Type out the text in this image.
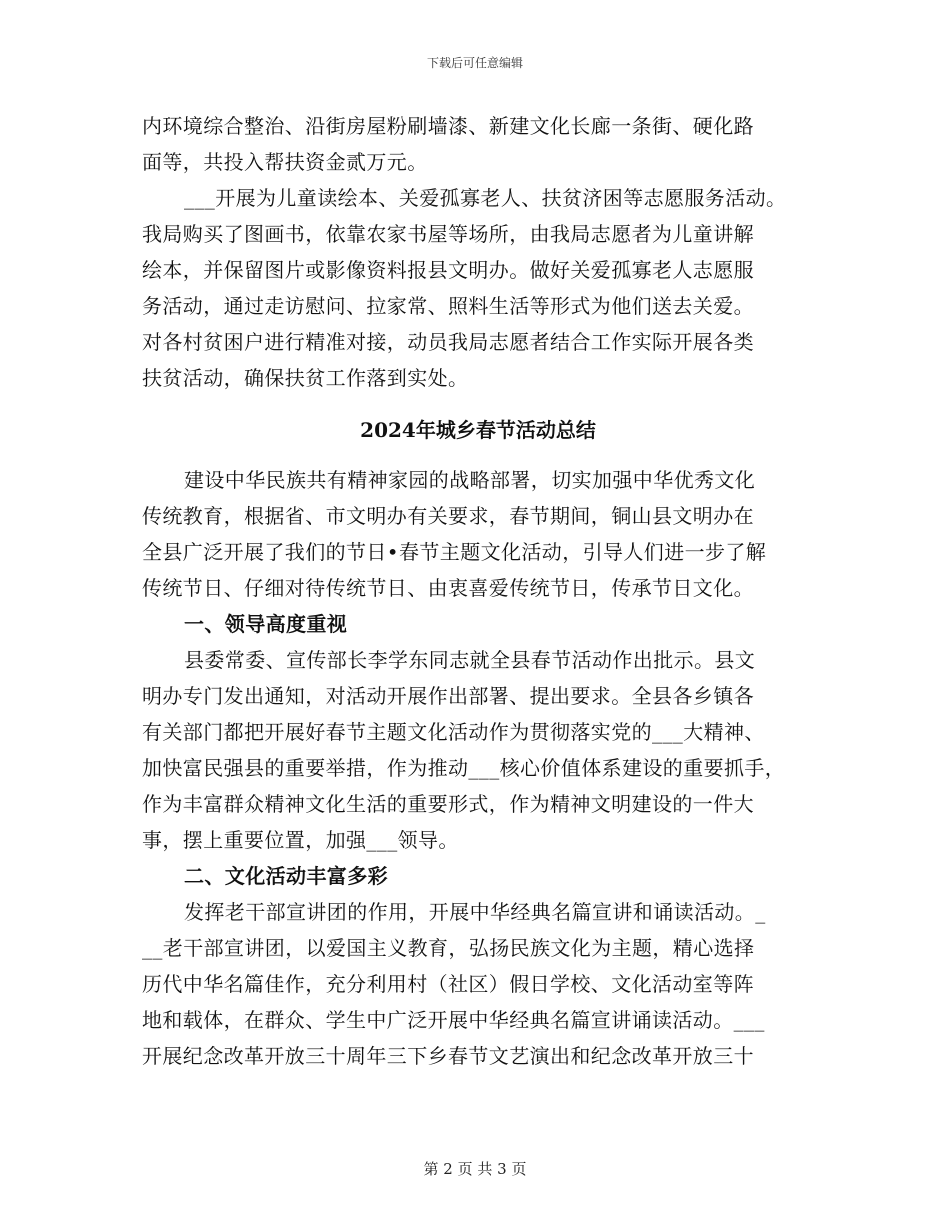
下载后可任意编辑
内环境综合整治、沿街房屋粉刷墙漆、新建文化长廊一条街、硬化路
面等，共投入帮扶资金贰万元。
___开展为儿童读绘本、关爱孤寡老人、扶贫济困等志愿服务活动。
我局购买了图画书，依靠农家书屋等场所，由我局志愿者为儿童讲解
绘本，并保留图片或影像资料报县文明办。做好关爱孤寡老人志愿服
务活动，通过走访慰问、拉家常、照料生活等形式为他们送去关爱。
对各村贫困户进行精准对接，动员我局志愿者结合工作实际开展各类
扶贫活动，确保扶贫工作落到实处。
2024年城乡春节活动总结
建设中华民族共有精神家园的战略部署，切实加强中华优秀文化
传统教育，根据省、市文明办有关要求，春节期间，铜山县文明办在
全县广泛开展了我们的节日•春节主题文化活动，引导人们进一步了解
传统节日、仔细对待传统节日、由衷喜爱传统节日，传承节日文化。
一、领导高度重视
县委常委、宣传部长李学东同志就全县春节活动作出批示。县文
明办专门发出通知，对活动开展作出部署、提出要求。全县各乡镇各
有关部门都把开展好春节主题文化活动作为贯彻落实党的___大精神、
加快富民强县的重要举措，作为推动___核心价值体系建设的重要抓手，
作为丰富群众精神文化生活的重要形式，作为精神文明建设的一件大
事，摆上重要位置，加强___领导。
二、文化活动丰富多彩
发挥老干部宣讲团的作用，开展中华经典名篇宣讲和诵读活动。_
__老干部宣讲团，以爱国主义教育，弘扬民族文化为主题，精心选择
历代中华名篇佳作，充分利用村（社区）假日学校、文化活动室等阵
地和载体，在群众、学生中广泛开展中华经典名篇宣讲诵读活动。___
开展纪念改革开放三十周年三下乡春节文艺演出和纪念改革开放三十
第 2 页 共 3 页
